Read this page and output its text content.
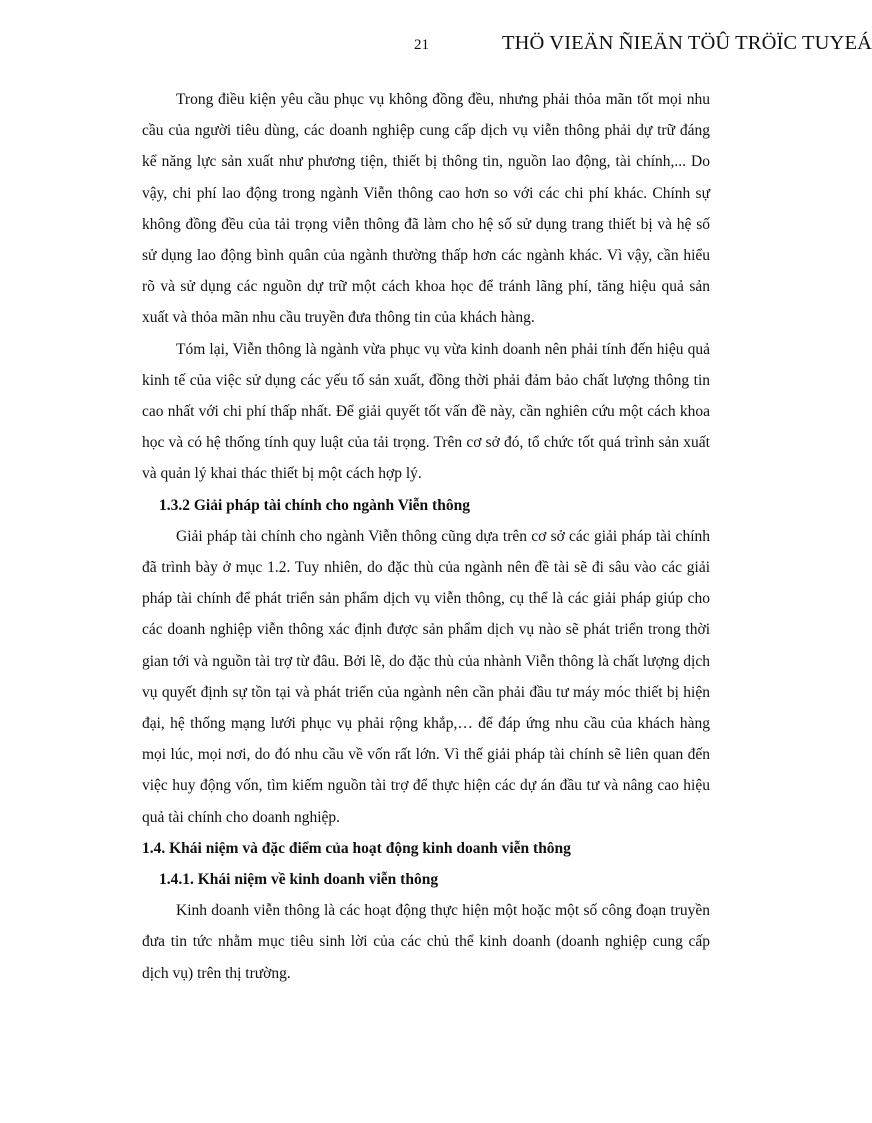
21	THÖ VIEÄN ÑIEÄN TÖÛ TRÖÏC TUYEÁ

Trong điều kiện yêu cầu phục vụ không đồng đều, nhưng phải thỏa mãn tốt mọi nhu cầu của người tiêu dùng, các doanh nghiệp cung cấp dịch vụ viễn thông phải dự trữ đáng kể năng lực sản xuất như phương tiện, thiết bị thông tin, nguồn lao động, tài chính,... Do vậy, chi phí lao động trong ngành Viễn thông cao hơn so với các chi phí khác. Chính sự không đồng đều của tải trọng viễn thông đã làm cho hệ số sử dụng trang thiết bị và hệ số sử dụng lao động bình quân của ngành thường thấp hơn các ngành khác. Vì vậy, cần hiểu rõ và sử dụng các nguồn dự trữ một cách khoa học để tránh lãng phí, tăng hiệu quả sản xuất và thỏa mãn nhu cầu truyền đưa thông tin của khách hàng.

Tóm lại, Viễn thông là ngành vừa phục vụ vừa kinh doanh nên phải tính đến hiệu quả kinh tế của việc sử dụng các yếu tố sản xuất, đồng thời phải đảm bảo chất lượng thông tin cao nhất với chi phí thấp nhất. Để giải quyết tốt vấn đề này, cần nghiên cứu một cách khoa học và có hệ thống tính quy luật của tải trọng. Trên cơ sở đó, tổ chức tốt quá trình sản xuất và quản lý khai thác thiết bị một cách hợp lý.

1.3.2 Giải pháp tài chính cho ngành Viễn thông

Giải pháp tài chính cho ngành Viễn thông cũng dựa trên cơ sở các giải pháp tài chính đã trình bày ở mục 1.2. Tuy nhiên, do đặc thù của ngành nên đề tài sẽ đi sâu vào các giải pháp tài chính để phát triển sản phẩm dịch vụ viễn thông, cụ thể là các giải pháp giúp cho các doanh nghiệp viễn thông xác định được sản phẩm dịch vụ nào sẽ phát triển trong thời gian tới và nguồn tài trợ từ đâu. Bởi lẽ, do đặc thù của nhành Viễn thông là chất lượng dịch vụ quyết định sự tồn tại và phát triển của ngành nên cần phải đầu tư máy móc thiết bị hiện đại, hệ thống mạng lưới phục vụ phải rộng khắp,… để đáp ứng nhu cầu của khách hàng mọi lúc, mọi nơi, do đó nhu cầu về vốn rất lớn. Vì thế giải pháp tài chính sẽ liên quan đến việc huy động vốn, tìm kiếm nguồn tài trợ để thực hiện các dự án đầu tư và nâng cao hiệu quả tài chính cho doanh nghiệp.

1.4. Khái niệm và đặc điểm của hoạt động kinh doanh viễn thông
1.4.1. Khái niệm về kinh doanh viễn thông

Kinh doanh viễn thông là các hoạt động thực hiện một hoặc một số công đoạn truyền đưa tin tức nhằm mục tiêu sinh lời của các chủ thể kinh doanh (doanh nghiệp cung cấp dịch vụ) trên thị trường.
